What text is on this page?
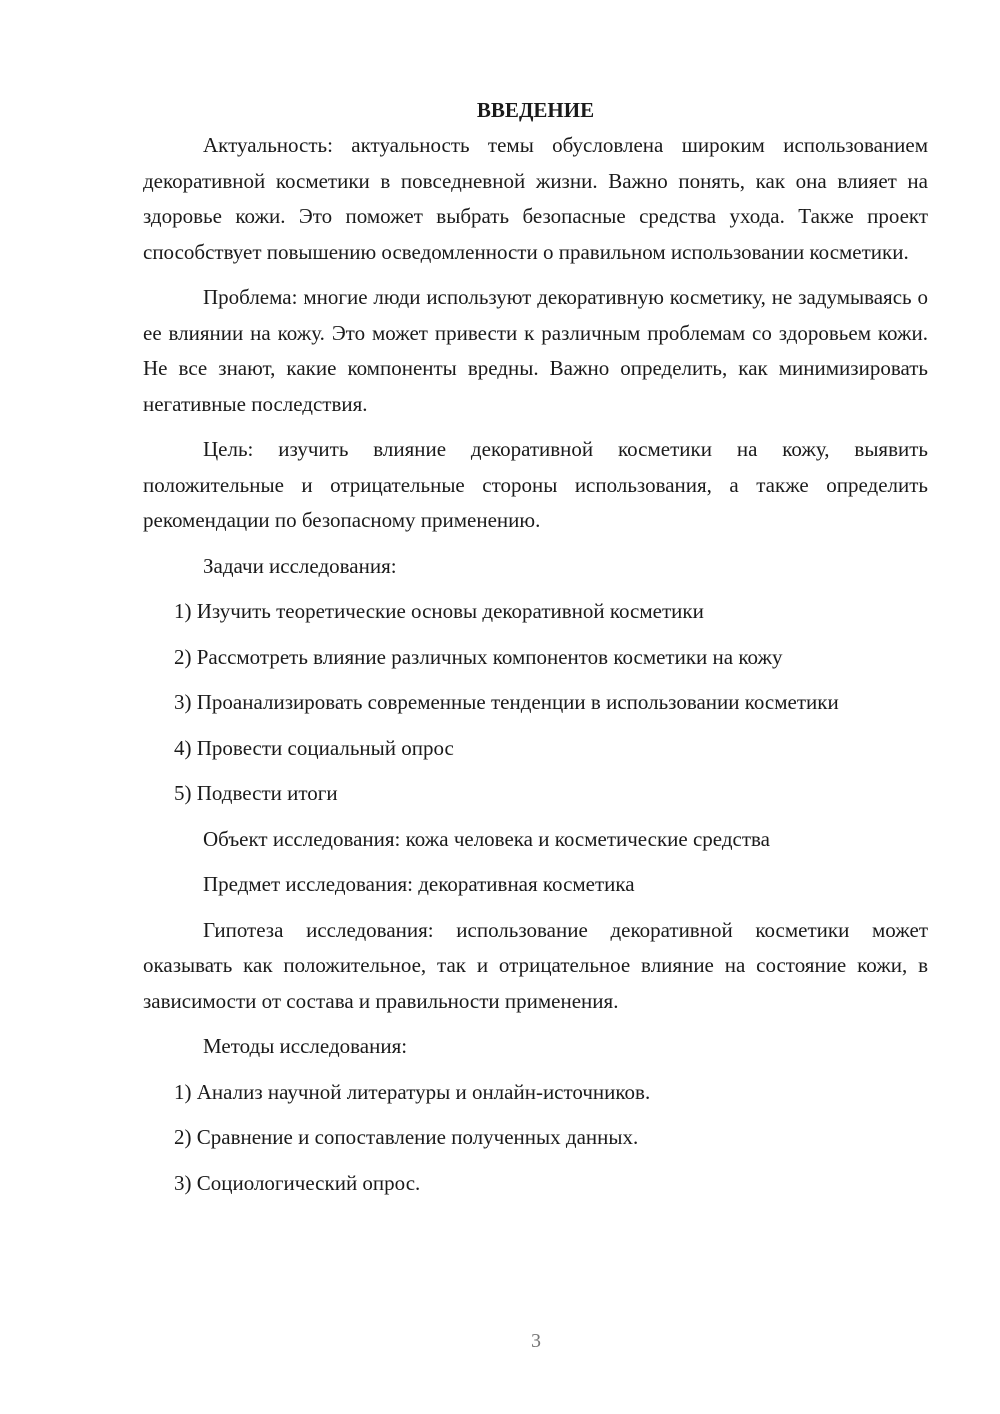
ВВЕДЕНИЕ

Актуальность: актуальность темы обусловлена широким использованием декоративной косметики в повседневной жизни. Важно понять, как она влияет на здоровье кожи. Это поможет выбрать безопасные средства ухода. Также проект способствует повышению осведомленности о правильном использовании косметики.

Проблема: многие люди используют декоративную косметику, не задумываясь о ее влиянии на кожу. Это может привести к различным проблемам со здоровьем кожи. Не все знают, какие компоненты вредны. Важно определить, как минимизировать негативные последствия.

Цель: изучить влияние декоративной косметики на кожу, выявить положительные и отрицательные стороны использования, а также определить рекомендации по безопасному применению.

Задачи исследования:
1) Изучить теоретические основы декоративной косметики
2) Рассмотреть влияние различных компонентов косметики на кожу

3) Проанализировать современные тенденции в использовании косметики

4) Провести социальный опрос
5) Подвести итоги
Объект исследования: кожа человека и косметические средства
Предмет исследования: декоративная косметика

Гипотеза исследования: использование декоративной косметики может оказывать как положительное, так и отрицательное влияние на состояние кожи, в зависимости от состава и правильности применения.

Методы исследования:
1) Анализ научной литературы и онлайн-источников.
2) Сравнение и сопоставление полученных данных.
3) Социологический опрос.
3
